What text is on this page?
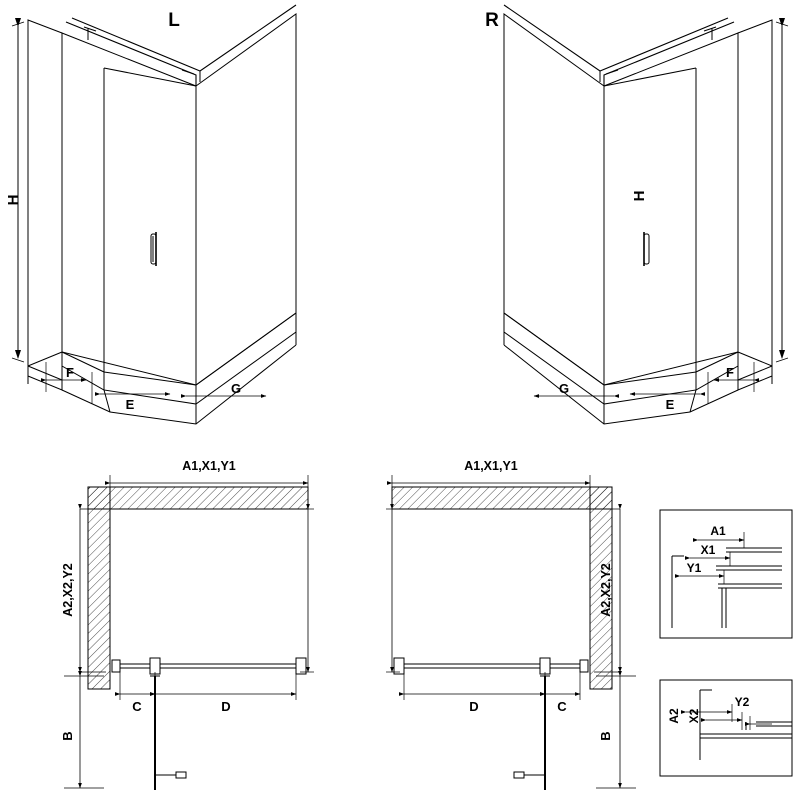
L
H
F
E
G
R
H
F
E
G
A1,X1,Y1
A2,X2,Y2
C	D
B
A1,X1,Y1
A2,X2,Y2
D	C
B
A1
X1
Y1
A2 X2
Y2
